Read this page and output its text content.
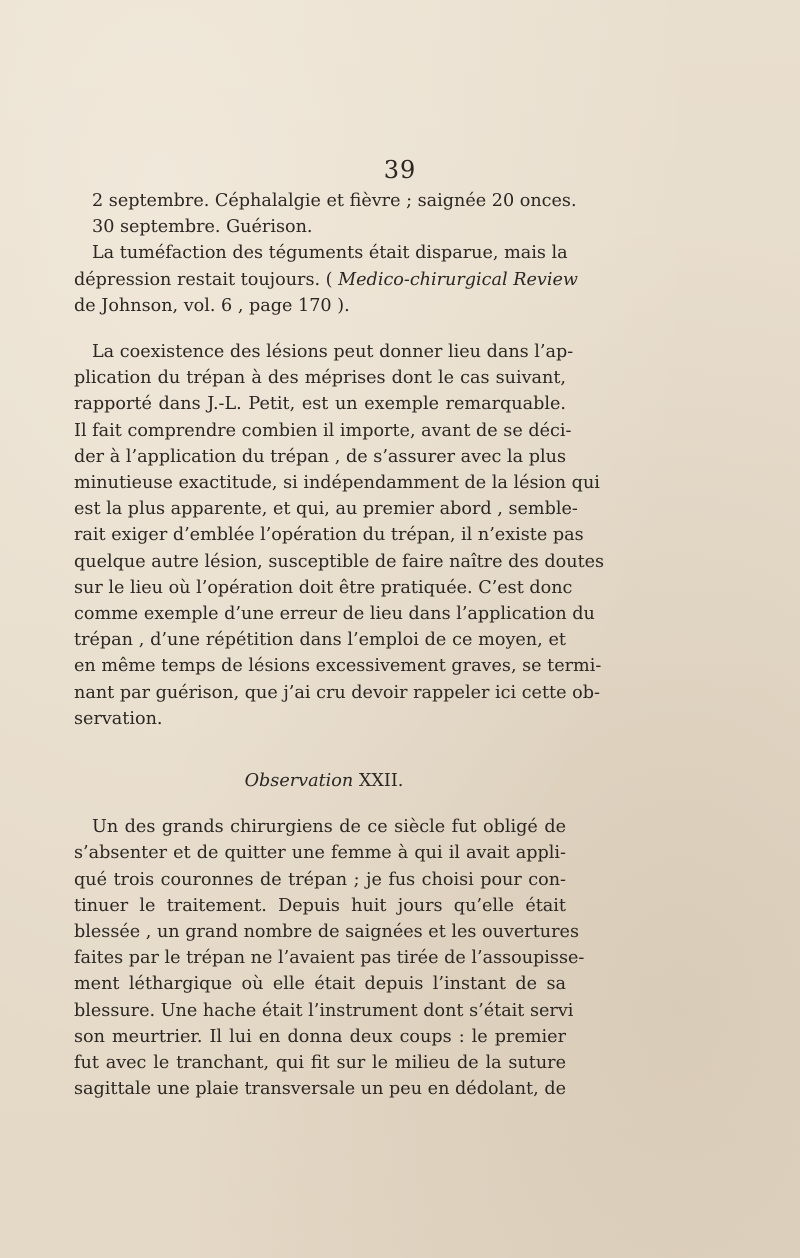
39
2 septembre. Céphalalgie et fièvre ; saignée 20 onces.
30 septembre. Guérison.
La tuméfaction des téguments était disparue, mais la
dépression restait toujours. ( Medico-chirurgical Review
de Johnson, vol. 6 , page 170 ).
La coexistence des lésions peut donner lieu dans l’ap-
plication du trépan à des méprises dont le cas suivant,
rapporté dans J.-L. Petit, est un exemple remarquable.
Il fait comprendre combien il importe, avant de se déci-
der à l’application du trépan , de s’assurer avec la plus
minutieuse exactitude, si indépendamment de la lésion qui
est la plus apparente, et qui, au premier abord , semble-
rait exiger d’emblée l’opération du trépan, il n’existe pas
quelque autre lésion, susceptible de faire naître des doutes
sur le lieu où l’opération doit être pratiquée. C’est donc
comme exemple d’une erreur de lieu dans l’application du
trépan , d’une répétition dans l’emploi de ce moyen, et
en même temps de lésions excessivement graves, se termi-
nant par guérison, que j’ai cru devoir rappeler ici cette ob-
servation.
Observation XXII.
Un des grands chirurgiens de ce siècle fut obligé de
s’absenter et de quitter une femme à qui il avait appli-
qué trois couronnes de trépan ; je fus choisi pour con-
tinuer le traitement. Depuis huit jours qu’elle était
blessée , un grand nombre de saignées et les ouvertures
faites par le trépan ne l’avaient pas tirée de l’assoupisse-
ment léthargique où elle était depuis l’instant de sa
blessure. Une hache était l’instrument dont s’était servi
son meurtrier. Il lui en donna deux coups : le premier
fut avec le tranchant, qui fit sur le milieu de la suture
sagittale une plaie transversale un peu en dédolant, de
